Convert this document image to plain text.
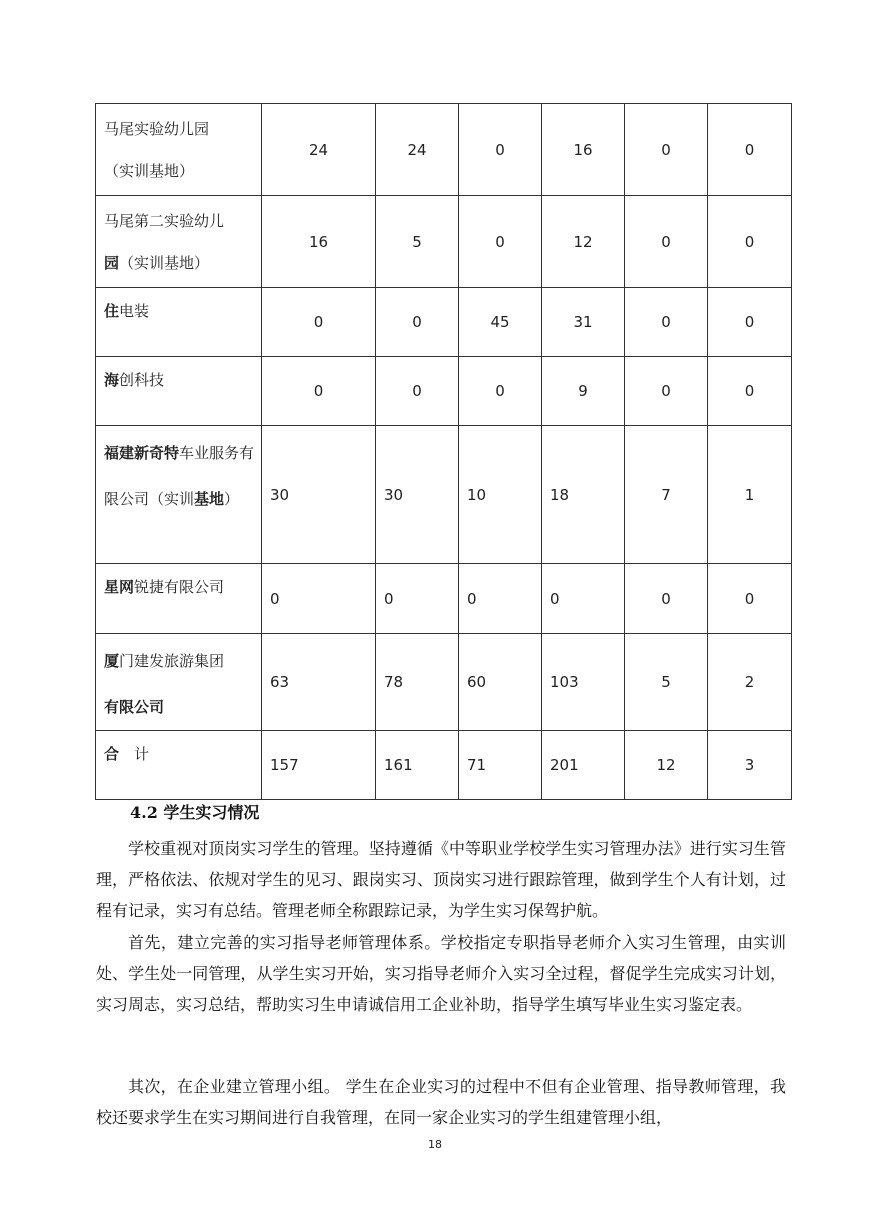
马尾实验幼儿园
（实训基地）	24	24	0	16	0	0
马尾第二实验幼儿
园（实训基地）	16	5	0	12	0	0
住电装	0	0	45	31	0	0
海创科技	0	0	0	9	0	0
福建新奇特车业服务有限公司（实训基地）	30	30	10	18	7	1
星网锐捷有限公司	0	0	0	0	0	0
厦门建发旅游集团
有限公司	63	78	60	103	5	2
合　计	157	161	71	201	12	3
4.2 学生实习情况

学校重视对顶岗实习学生的管理。坚持遵循《中等职业学校学生实习管理办法》进行实习生管理，严格依法、依规对学生的见习、跟岗实习、顶岗实习进行跟踪管理，做到学生个人有计划，过程有记录，实习有总结。管理老师全称跟踪记录，为学生实习保驾护航。

首先，建立完善的实习指导老师管理体系。学校指定专职指导老师介入实习生管理，由实训处、学生处一同管理，从学生实习开始，实习指导老师介入实习全过程，督促学生完成实习计划，实习周志，实习总结，帮助实习生申请诚信用工企业补助，指导学生填写毕业生实习鉴定表。

其次，在企业建立管理小组。 学生在企业实习的过程中不但有企业管理、指导教师管理，我校还要求学生在实习期间进行自我管理，在同一家企业实习的学生组建管理小组，

18
